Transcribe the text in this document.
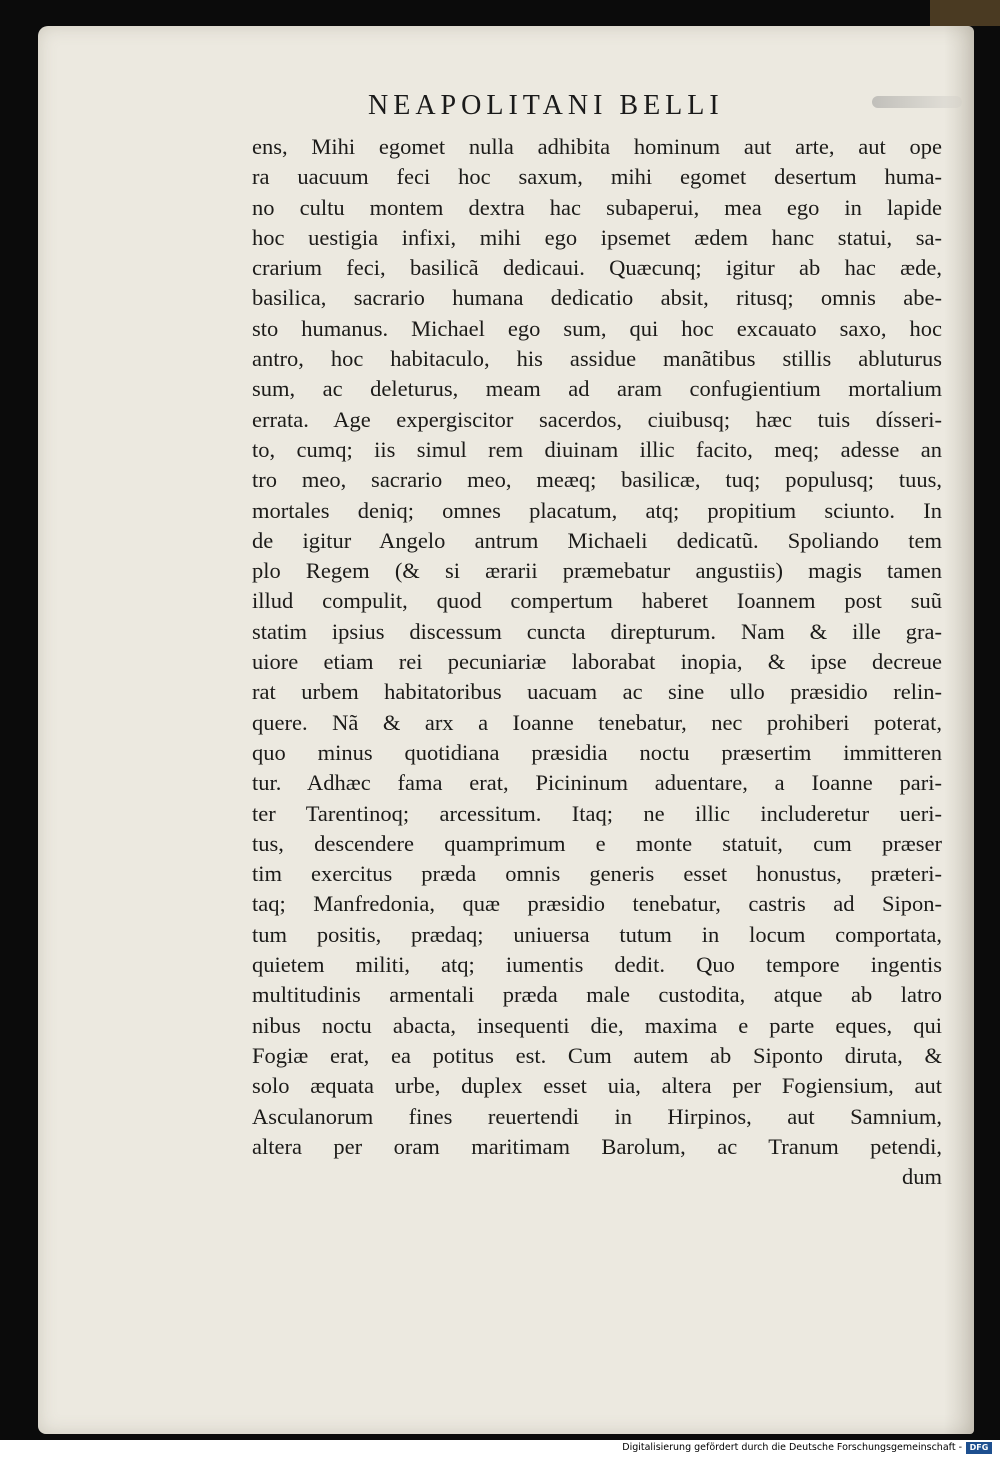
NEAPOLITANI BELLI
ens, Mihi egomet nulla adhibita hominum aut arte, aut ope
ra uacuum feci hoc saxum, mihi egomet desertum huma-
no cultu montem dextra hac subaperui, mea ego in lapide
hoc uestigia infixi, mihi ego ipsemet ædem hanc statui, sa-
crarium feci, basilicã dedicaui. Quæcunq; igitur ab hac æde,
basilica, sacrario humana dedicatio absit, ritusq; omnis abe-
sto humanus. Michael ego sum, qui hoc excauato saxo, hoc
antro, hoc habitaculo, his assidue manãtibus stillis abluturus
sum, ac deleturus, meam ad aram confugientium mortalium
errata. Age expergiscitor sacerdos, ciuibusq; hæc tuis dísseri-
to, cumq; iis simul rem diuinam illic facito, meq; adesse an
tro meo, sacrario meo, meæq; basilicæ, tuq; populusq; tuus,
mortales deniq; omnes placatum, atq; propitium sciunto. In
de igitur Angelo antrum Michaeli dedicatũ. Spoliando tem
plo Regem (& si ærarii præmebatur angustiis) magis tamen
illud compulit, quod compertum haberet Ioannem post suũ
statim ipsius discessum cuncta direpturum. Nam & ille gra-
uiore etiam rei pecuniariæ laborabat inopia, & ipse decreue
rat urbem habitatoribus uacuam ac sine ullo præsidio relin-
quere. Nã & arx a Ioanne tenebatur, nec prohiberi poterat,
quo minus quotidiana præsidia noctu præsertim immitteren
tur. Adhæc fama erat, Picininum aduentare, a Ioanne pari-
ter Tarentinoq; arcessitum. Itaq; ne illic includeretur ueri-
tus, descendere quamprimum e monte statuit, cum præser
tim exercitus præda omnis generis esset honustus, præteri-
taq; Manfredonia, quæ præsidio tenebatur, castris ad Sipon-
tum positis, prædaq; uniuersa tutum in locum comportata,
quietem militi, atq; iumentis dedit. Quo tempore ingentis
multitudinis armentali præda male custodita, atque ab latro
nibus noctu abacta, insequenti die, maxima e parte eques, qui
Fogiæ erat, ea potitus est. Cum autem ab Siponto diruta, &
solo æquata urbe, duplex esset uia, altera per Fogiensium, aut
Asculanorum fines reuertendi in Hirpinos, aut Samnium,
altera per oram maritimam Barolum, ac Tranum petendi,
dum
Digitalisierung gefördert durch die Deutsche Forschungsgemeinschaft - DFG
